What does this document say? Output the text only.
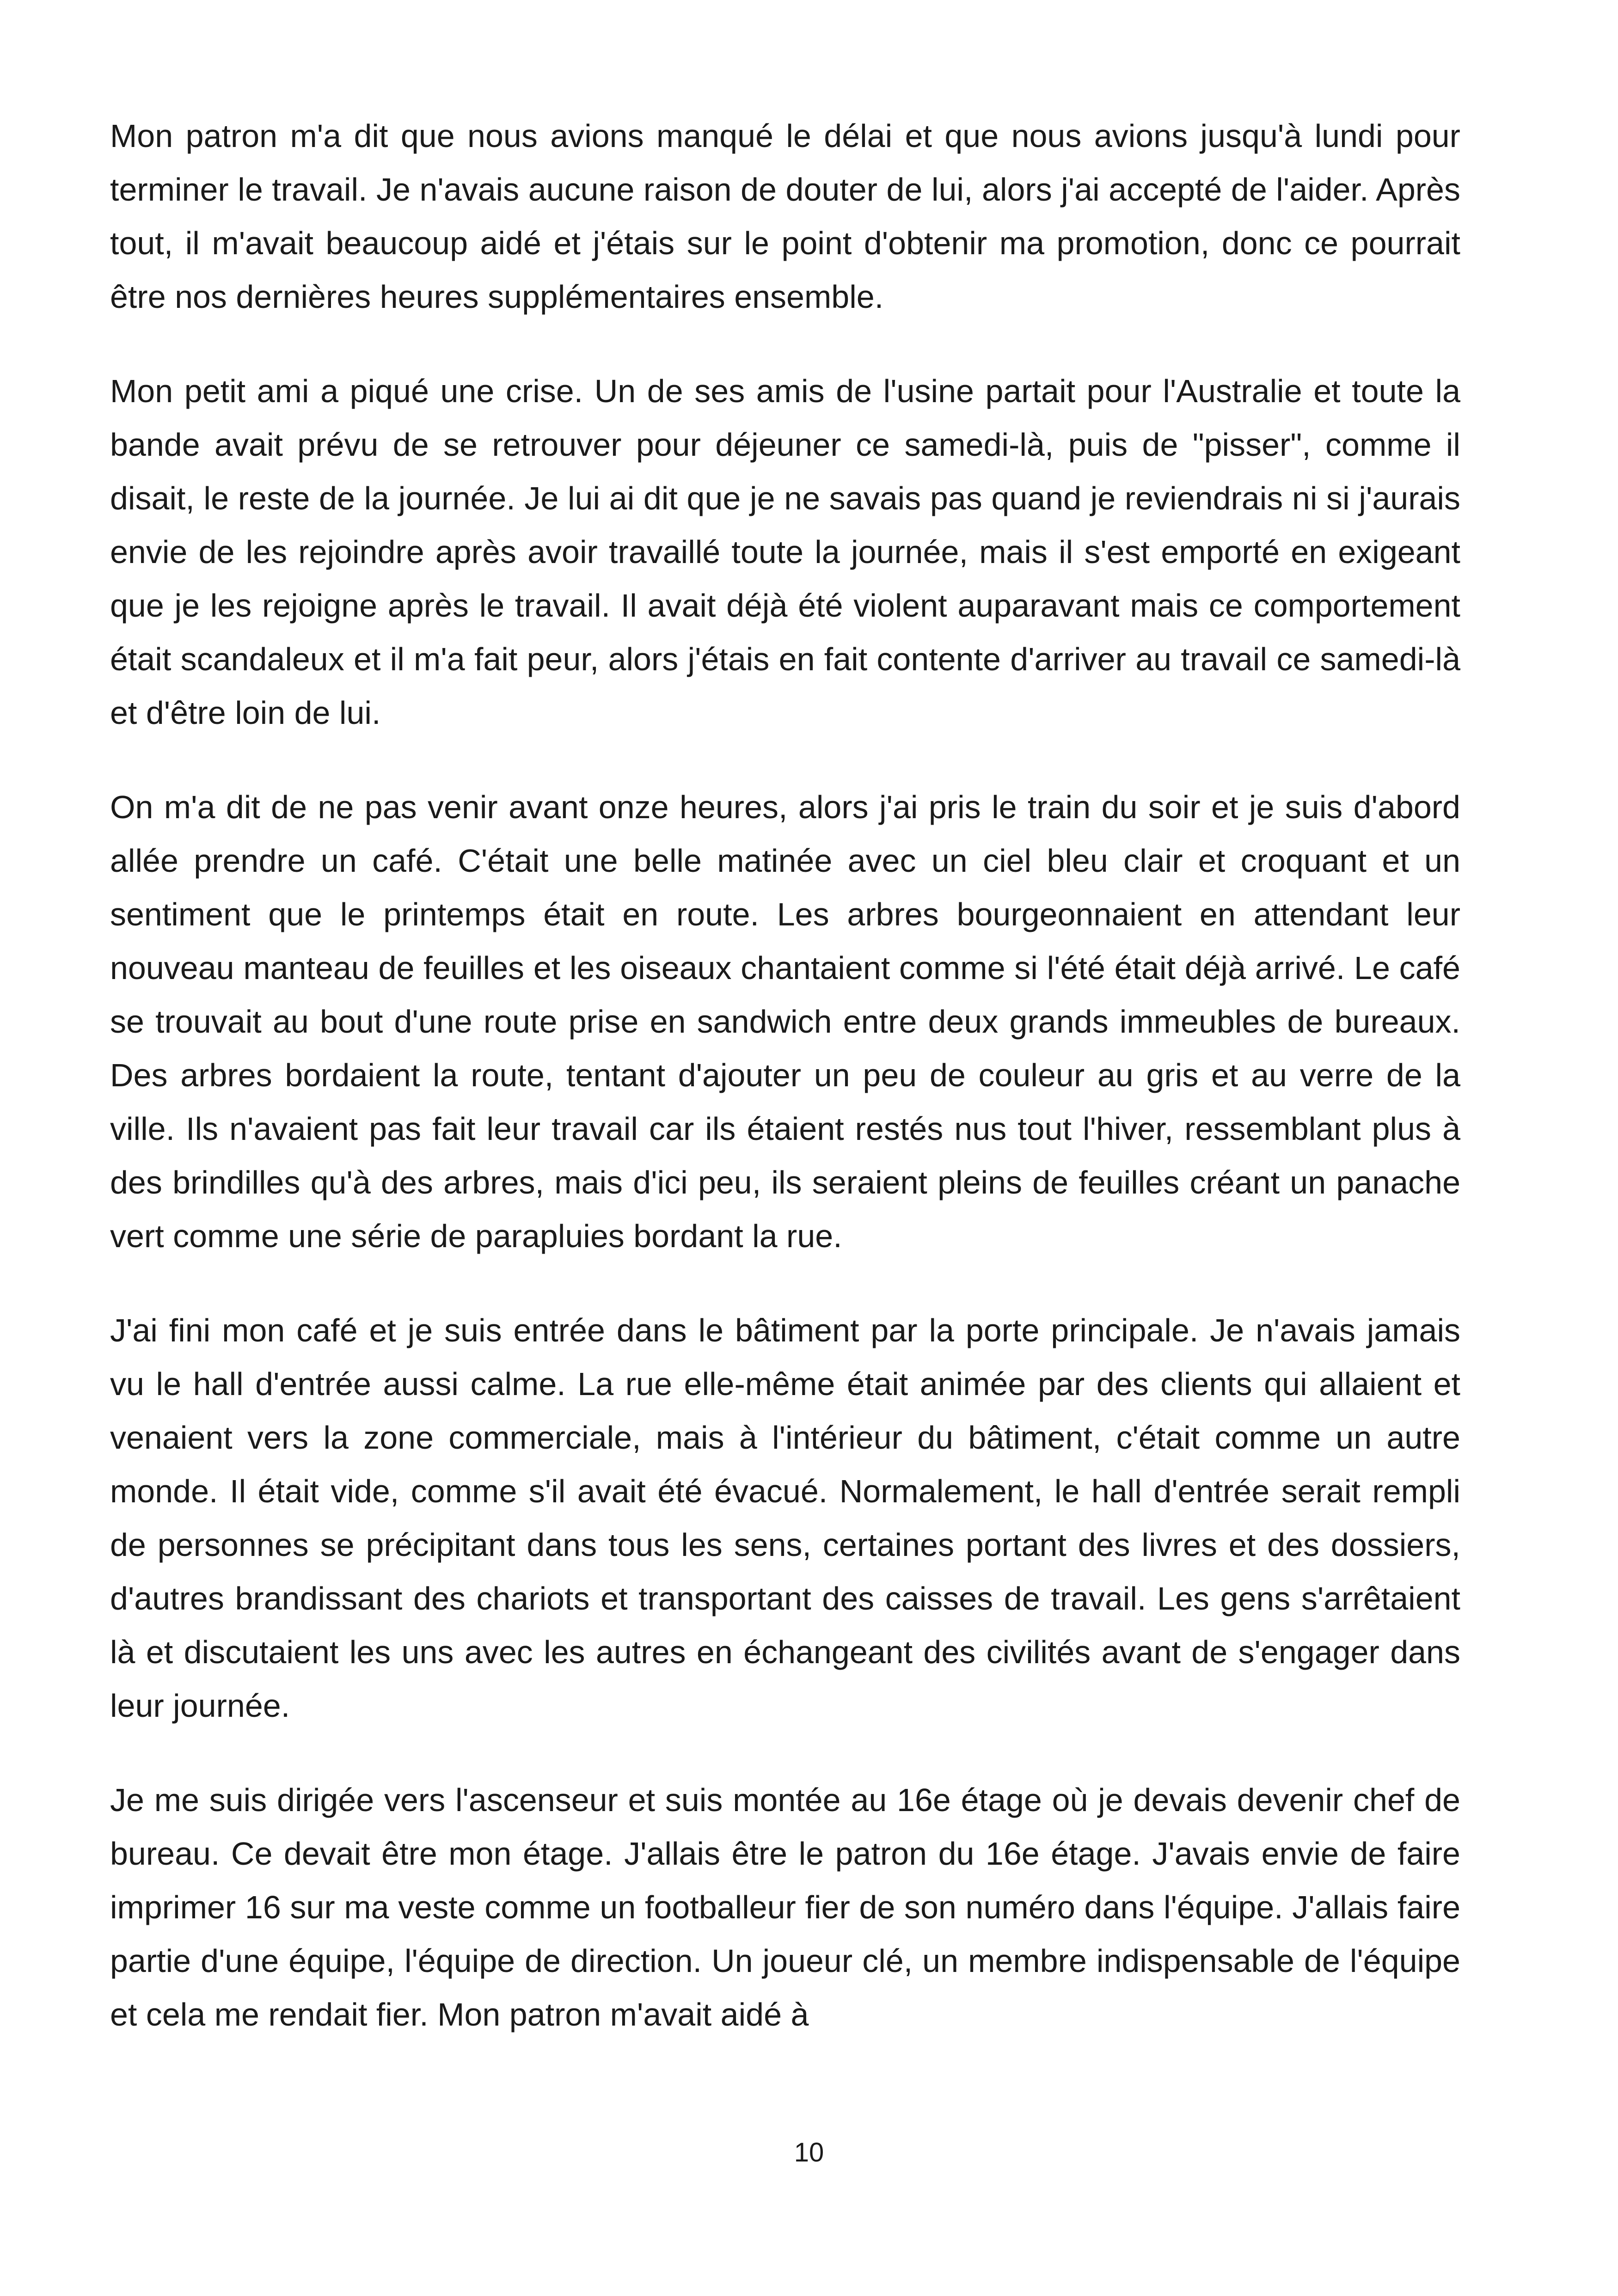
Mon patron m'a dit que nous avions manqué le délai et que nous avions jusqu'à lundi pour terminer le travail. Je n'avais aucune raison de douter de lui, alors j'ai accepté de l'aider. Après tout, il m'avait beaucoup aidé et j'étais sur le point d'obtenir ma promotion, donc ce pourrait être nos dernières heures supplémentaires ensemble.

Mon petit ami a piqué une crise. Un de ses amis de l'usine partait pour l'Australie et toute la bande avait prévu de se retrouver pour déjeuner ce samedi-là, puis de "pisser", comme il disait, le reste de la journée. Je lui ai dit que je ne savais pas quand je reviendrais ni si j'aurais envie de les rejoindre après avoir travaillé toute la journée, mais il s'est emporté en exigeant que je les rejoigne après le travail. Il avait déjà été violent auparavant mais ce comportement était scandaleux et il m'a fait peur, alors j'étais en fait contente d'arriver au travail ce samedi-là et d'être loin de lui.

On m'a dit de ne pas venir avant onze heures, alors j'ai pris le train du soir et je suis d'abord allée prendre un café. C'était une belle matinée avec un ciel bleu clair et croquant et un sentiment que le printemps était en route. Les arbres bourgeonnaient en attendant leur nouveau manteau de feuilles et les oiseaux chantaient comme si l'été était déjà arrivé. Le café se trouvait au bout d'une route prise en sandwich entre deux grands immeubles de bureaux. Des arbres bordaient la route, tentant d'ajouter un peu de couleur au gris et au verre de la ville. Ils n'avaient pas fait leur travail car ils étaient restés nus tout l'hiver, ressemblant plus à des brindilles qu'à des arbres, mais d'ici peu, ils seraient pleins de feuilles créant un panache vert comme une série de parapluies bordant la rue.

J'ai fini mon café et je suis entrée dans le bâtiment par la porte principale. Je n'avais jamais vu le hall d'entrée aussi calme. La rue elle-même était animée par des clients qui allaient et venaient vers la zone commerciale, mais à l'intérieur du bâtiment, c'était comme un autre monde. Il était vide, comme s'il avait été évacué. Normalement, le hall d'entrée serait rempli de personnes se précipitant dans tous les sens, certaines portant des livres et des dossiers, d'autres brandissant des chariots et transportant des caisses de travail. Les gens s'arrêtaient là et discutaient les uns avec les autres en échangeant des civilités avant de s'engager dans leur journée.

Je me suis dirigée vers l'ascenseur et suis montée au 16e étage où je devais devenir chef de bureau. Ce devait être mon étage. J'allais être le patron du 16e étage. J'avais envie de faire imprimer 16 sur ma veste comme un footballeur fier de son numéro dans l'équipe. J'allais faire partie d'une équipe, l'équipe de direction. Un joueur clé, un membre indispensable de l'équipe et cela me rendait fier. Mon patron m'avait aidé à

10
